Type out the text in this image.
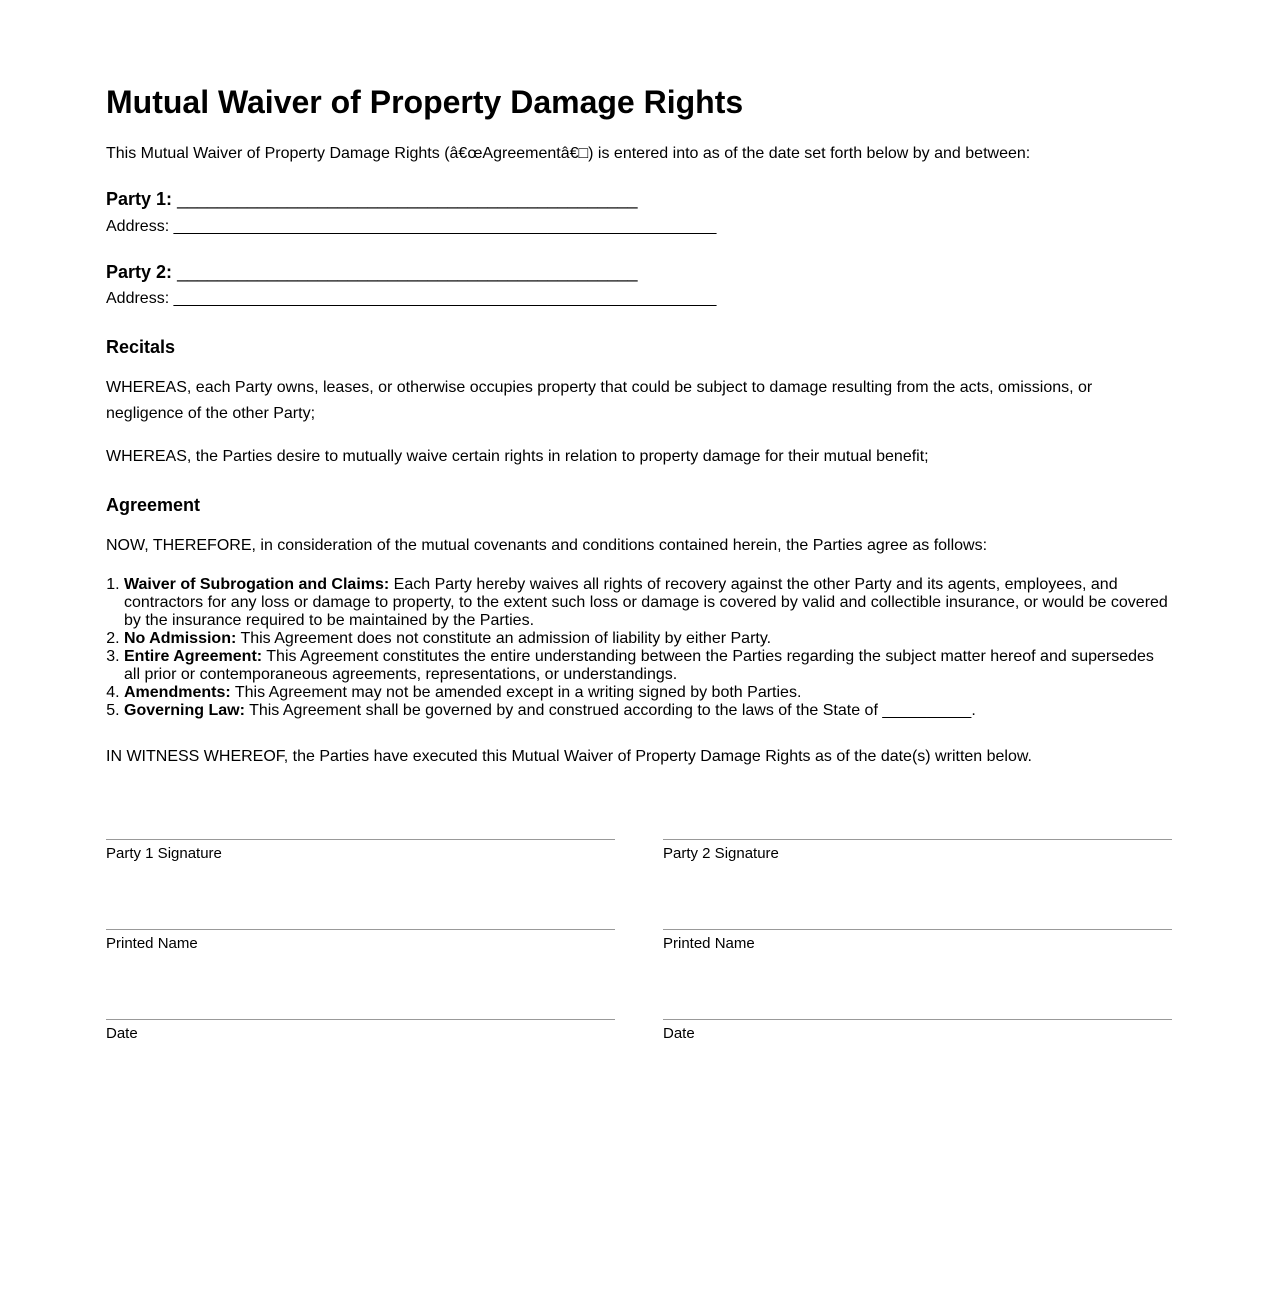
Mutual Waiver of Property Damage Rights

This Mutual Waiver of Property Damage Rights (â€œAgreementâ€□) is entered into as of the date set forth below by and between:

Party 1: ______________________________________________

Address: _____________________________________________________________

Party 2: ______________________________________________

Address: _____________________________________________________________

Recitals

WHEREAS, each Party owns, leases, or otherwise occupies property that could be subject to damage resulting from the acts, omissions, or negligence of the other Party;

WHEREAS, the Parties desire to mutually waive certain rights in relation to property damage for their mutual benefit;

Agreement

NOW, THEREFORE, in consideration of the mutual covenants and conditions contained herein, the Parties agree as follows:

1. Waiver of Subrogation and Claims: Each Party hereby waives all rights of recovery against the other Party and its agents, employees, and contractors for any loss or damage to property, to the extent such loss or damage is covered by valid and collectible insurance, or would be covered by the insurance required to be maintained by the Parties.
2. No Admission: This Agreement does not constitute an admission of liability by either Party.
3. Entire Agreement: This Agreement constitutes the entire understanding between the Parties regarding the subject matter hereof and supersedes all prior or contemporaneous agreements, representations, or understandings.
4. Amendments: This Agreement may not be amended except in a writing signed by both Parties.
5. Governing Law: This Agreement shall be governed by and construed according to the laws of the State of __________.

IN WITNESS WHEREOF, the Parties have executed this Mutual Waiver of Property Damage Rights as of the date(s) written below.

Party 1 Signature
Printed Name
Date
Party 2 Signature
Printed Name
Date
